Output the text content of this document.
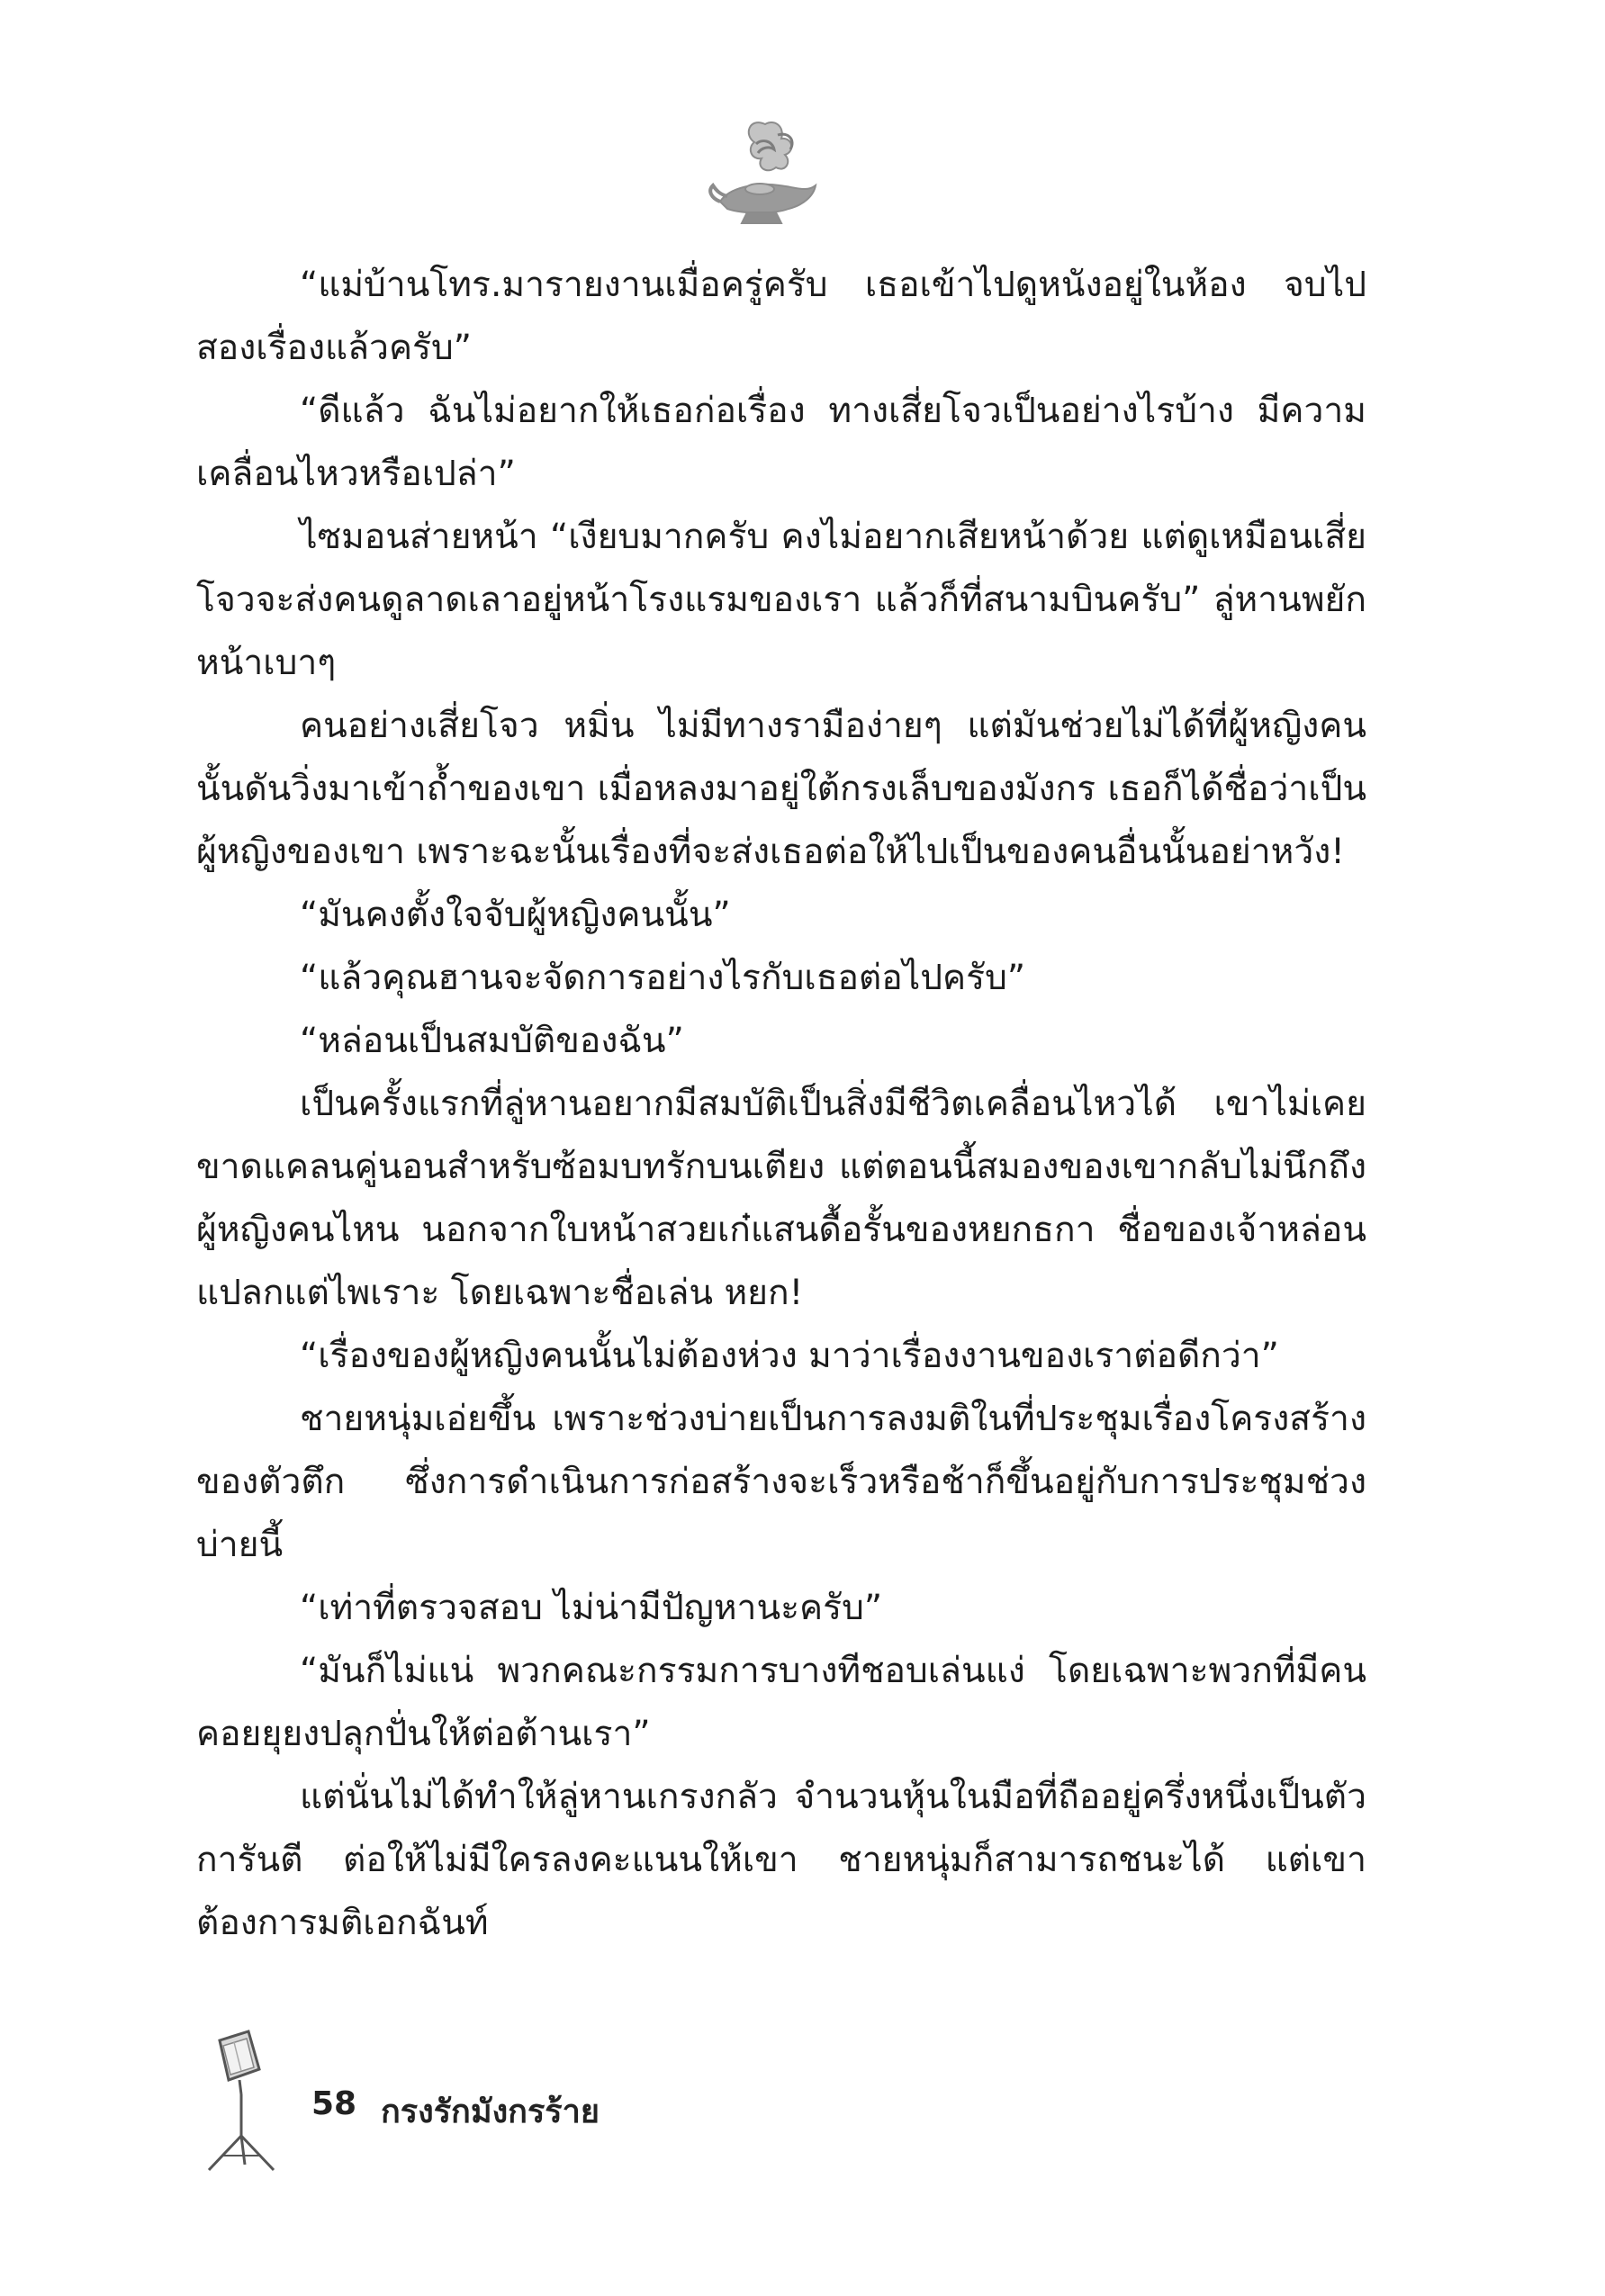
“แม่บ้านโทร.มารายงานเมื่อครู่ครับ เธอเข้าไปดูหนังอยู่ในห้อง จบไปสองเรื่องแล้วครับ”

“ดีแล้ว ฉันไม่อยากให้เธอก่อเรื่อง ทางเสี่ยโจวเป็นอย่างไรบ้าง มีความเคลื่อนไหวหรือเปล่า”

ไซมอนส่ายหน้า “เงียบมากครับ คงไม่อยากเสียหน้าด้วย แต่ดูเหมือนเสี่ยโจวจะส่งคนดูลาดเลาอยู่หน้าโรงแรมของเรา แล้วก็ที่สนามบินครับ” ลู่หานพยักหน้าเบาๆ

คนอย่างเสี่ยโจว หมิ่น ไม่มีทางรามือง่ายๆ แต่มันช่วยไม่ได้ที่ผู้หญิงคนนั้นดันวิ่งมาเข้าถ้ำของเขา เมื่อหลงมาอยู่ใต้กรงเล็บของมังกร เธอก็ได้ชื่อว่าเป็นผู้หญิงของเขา เพราะฉะนั้นเรื่องที่จะส่งเธอต่อให้ไปเป็นของคนอื่นนั้นอย่าหวัง!

“มันคงตั้งใจจับผู้หญิงคนนั้น”

“แล้วคุณฮานจะจัดการอย่างไรกับเธอต่อไปครับ”

“หล่อนเป็นสมบัติของฉัน”

เป็นครั้งแรกที่ลู่หานอยากมีสมบัติเป็นสิ่งมีชีวิตเคลื่อนไหวได้ เขาไม่เคยขาดแคลนคู่นอนสำหรับซ้อมบทรักบนเตียง แต่ตอนนี้สมองของเขากลับไม่นึกถึงผู้หญิงคนไหน นอกจากใบหน้าสวยเก๋แสนดื้อรั้นของหยกธกา ชื่อของเจ้าหล่อนแปลกแต่ไพเราะ โดยเฉพาะชื่อเล่น หยก!

“เรื่องของผู้หญิงคนนั้นไม่ต้องห่วง มาว่าเรื่องงานของเราต่อดีกว่า”

ชายหนุ่มเอ่ยขึ้น เพราะช่วงบ่ายเป็นการลงมติในที่ประชุมเรื่องโครงสร้างของตัวตึก ซึ่งการดำเนินการก่อสร้างจะเร็วหรือช้าก็ขึ้นอยู่กับการประชุมช่วงบ่ายนี้

“เท่าที่ตรวจสอบ ไม่น่ามีปัญหานะครับ”

“มันก็ไม่แน่ พวกคณะกรรมการบางทีชอบเล่นแง่ โดยเฉพาะพวกที่มีคนคอยยุยงปลุกปั่นให้ต่อต้านเรา”

แต่นั่นไม่ได้ทำให้ลู่หานเกรงกลัว จำนวนหุ้นในมือที่ถืออยู่ครึ่งหนึ่งเป็นตัวการันตี ต่อให้ไม่มีใครลงคะแนนให้เขา ชายหนุ่มก็สามารถชนะได้ แต่เขาต้องการมติเอกฉันท์

58 กรงรักมังกรร้าย
